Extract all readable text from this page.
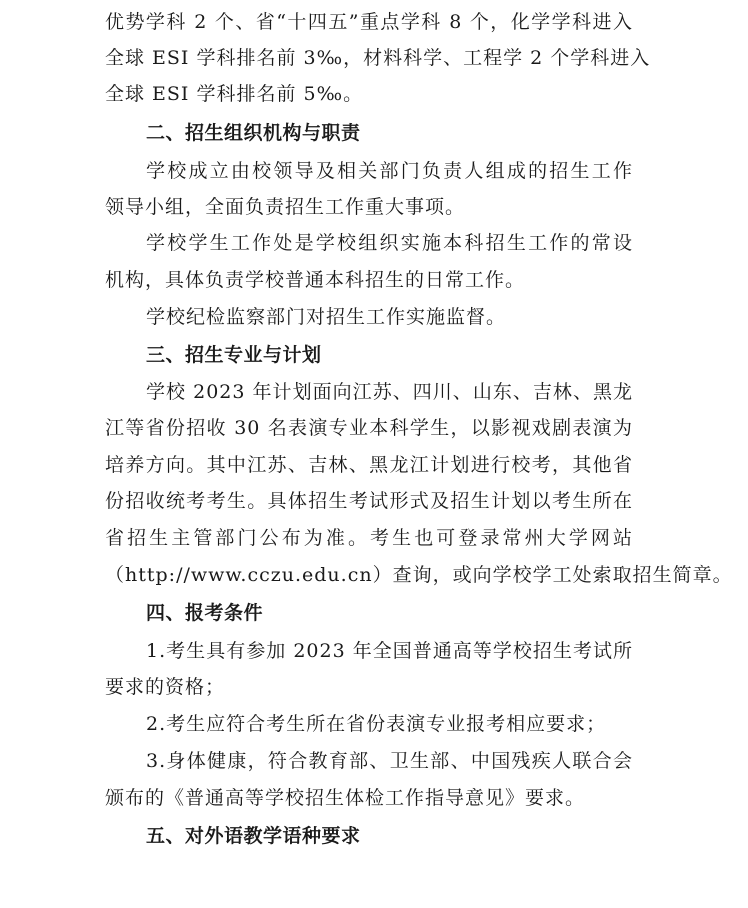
优势学科 2 个、省“十四五”重点学科 8 个，化学学科进入
全球 ESI 学科排名前 3‰，材料科学、工程学 2 个学科进入
全球 ESI 学科排名前 5‰。
二、招生组织机构与职责
学校成立由校领导及相关部门负责人组成的招生工作
领导小组，全面负责招生工作重大事项。
学校学生工作处是学校组织实施本科招生工作的常设
机构，具体负责学校普通本科招生的日常工作。
学校纪检监察部门对招生工作实施监督。
三、招生专业与计划
学校 2023 年计划面向江苏、四川、山东、吉林、黑龙
江等省份招收 30 名表演专业本科学生，以影视戏剧表演为
培养方向。其中江苏、吉林、黑龙江计划进行校考，其他省
份招收统考考生。具体招生考试形式及招生计划以考生所在
省招生主管部门公布为准。考生也可登录常州大学网站
（http://www.cczu.edu.cn）查询，或向学校学工处索取招生简章。
四、报考条件
1.考生具有参加 2023 年全国普通高等学校招生考试所
要求的资格；
2.考生应符合考生所在省份表演专业报考相应要求；
3.身体健康，符合教育部、卫生部、中国残疾人联合会
颁布的《普通高等学校招生体检工作指导意见》要求。
五、对外语教学语种要求
